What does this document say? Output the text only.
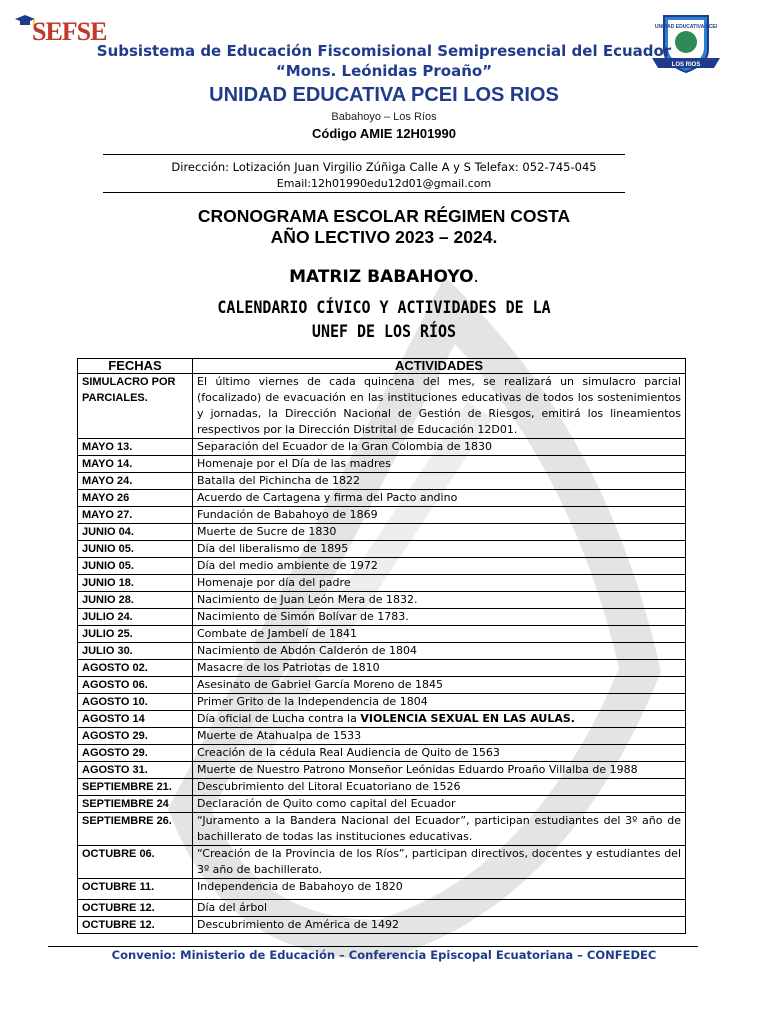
SEFSE	UNIDAD EDUCATIVA PCEI
LOS RIOS
Subsistema de Educación Fiscomisional Semipresencial del Ecuador
“Mons. Leónidas Proaño”
UNIDAD EDUCATIVA PCEI LOS RIOS
Babahoyo – Los Ríos
Código AMIE 12H01990
Dirección: Lotización Juan Virgilio Zúñiga Calle A y S Telefax: 052-745-045
Email:12h01990edu12d01@gmail.com
CRONOGRAMA ESCOLAR RÉGIMEN COSTA
AÑO LECTIVO 2023 – 2024.
MATRIZ BABAHOYO.
CALENDARIO CÍVICO Y ACTIVIDADES DE LA
UNEF DE LOS RÍOS
FECHAS	ACTIVIDADES
SIMULACRO POR PARCIALES.	El último viernes de cada quincena del mes, se realizará un simulacro parcial (focalizado) de evacuación en las instituciones educativas de todos los sostenimientos y jornadas, la Dirección Nacional de Gestión de Riesgos, emitirá los lineamientos respectivos por la Dirección Distrital de Educación 12D01.
MAYO 13.	Separación del Ecuador de la Gran Colombia de 1830
MAYO 14.	Homenaje por el Día de las madres
MAYO 24.	Batalla del Pichincha de 1822
MAYO 26	Acuerdo de Cartagena y firma del Pacto andino
MAYO 27.	Fundación de Babahoyo de 1869
JUNIO 04.	Muerte de Sucre de 1830
JUNIO 05.	Día del liberalismo de 1895
JUNIO 05.	Día del medio ambiente de 1972
JUNIO 18.	Homenaje por día del padre
JUNIO 28.	Nacimiento de Juan León Mera de 1832.
JULIO 24.	Nacimiento de Simón Bolívar de 1783.
JULIO 25.	Combate de Jambelí de 1841
JULIO 30.	Nacimiento de Abdón Calderón de 1804
AGOSTO 02.	Masacre de los Patriotas de 1810
AGOSTO 06.	Asesinato de Gabriel García Moreno de 1845
AGOSTO 10.	Primer Grito de la Independencia de 1804
AGOSTO 14	Día oficial de Lucha contra la VIOLENCIA SEXUAL EN LAS AULAS.
AGOSTO 29.	Muerte de Atahualpa de 1533
AGOSTO 29.	Creación de la cédula Real Audiencia de Quito de 1563
AGOSTO 31.	Muerte de Nuestro Patrono Monseñor Leónidas Eduardo Proaño Villalba de 1988
SEPTIEMBRE 21.	Descubrimiento del Litoral Ecuatoriano de 1526
SEPTIEMBRE 24	Declaración de Quito como capital del Ecuador
SEPTIEMBRE 26.	“Juramento a la Bandera Nacional del Ecuador”, participan estudiantes del 3º año de bachillerato de todas las instituciones educativas.
OCTUBRE 06.	“Creación de la Provincia de los Ríos”, participan directivos, docentes y estudiantes del 3º año de bachillerato.
OCTUBRE 11.	Independencia de Babahoyo de 1820
OCTUBRE 12.	Día del árbol
OCTUBRE 12.	Descubrimiento de América de 1492
Convenio: Ministerio de Educación – Conferencia Episcopal Ecuatoriana – CONFEDEC
